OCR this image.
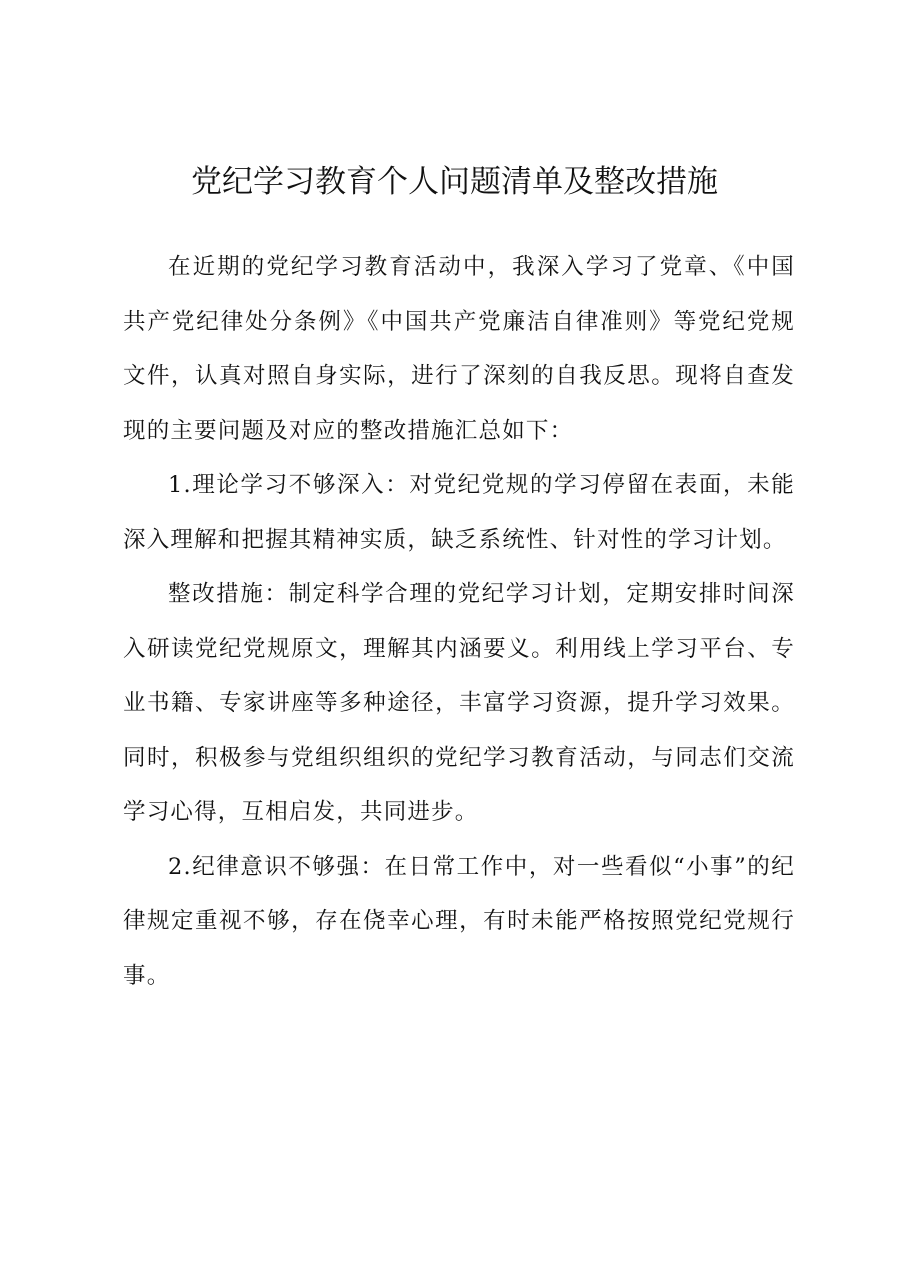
党纪学习教育个人问题清单及整改措施

在近期的党纪学习教育活动中，我深入学习了党章、《中国共产党纪律处分条例》《中国共产党廉洁自律准则》等党纪党规文件，认真对照自身实际，进行了深刻的自我反思。现将自查发现的主要问题及对应的整改措施汇总如下：

1.理论学习不够深入：对党纪党规的学习停留在表面，未能深入理解和把握其精神实质，缺乏系统性、针对性的学习计划。

整改措施：制定科学合理的党纪学习计划，定期安排时间深入研读党纪党规原文，理解其内涵要义。利用线上学习平台、专业书籍、专家讲座等多种途径，丰富学习资源，提升学习效果。同时，积极参与党组织组织的党纪学习教育活动，与同志们交流学习心得，互相启发，共同进步。

2.纪律意识不够强：在日常工作中，对一些看似“小事”的纪律规定重视不够，存在侥幸心理，有时未能严格按照党纪党规行事。
